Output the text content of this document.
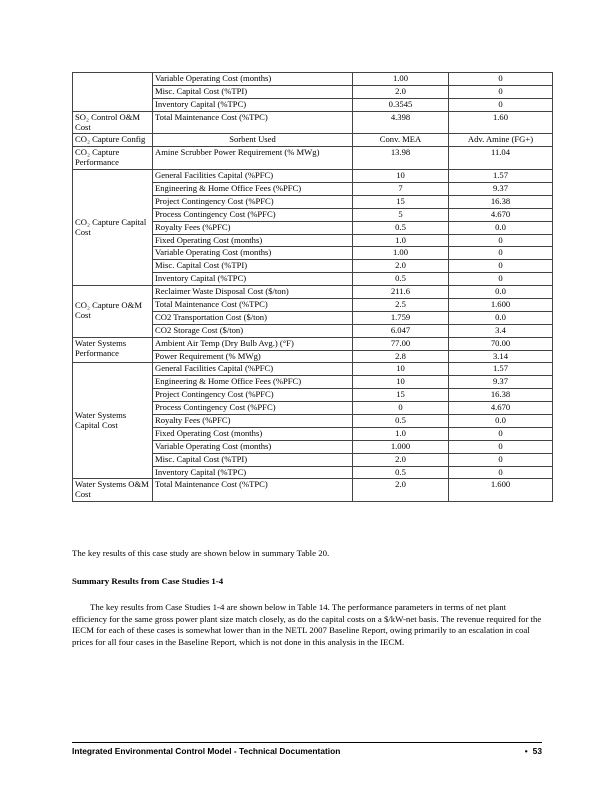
	Variable Operating Cost (months)	1.00	0
	Misc. Capital Cost (%TPI)	2.0	0
	Inventory Capital (%TPC)	0.3545	0
SO₂ Control O&M Cost	Total Maintenance Cost (%TPC)	4.398	1.60
CO₂ Capture Config	Sorbent Used	Conv. MEA	Adv. Amine (FG+)
CO₂ Capture Performance	Amine Scrubber Power Requirement (% MWg)	13.98	11.04
CO₂ Capture Capital Cost	General Facilities Capital (%PFC)	10	1.57
	Engineering & Home Office Fees (%PFC)	7	9.37
	Project Contingency Cost (%PFC)	15	16.38
	Process Contingency Cost (%PFC)	5	4.670
	Royalty Fees (%PFC)	0.5	0.0
	Fixed Operating Cost (months)	1.0	0
	Variable Operating Cost (months)	1.00	0
	Misc. Capital Cost (%TPI)	2.0	0
	Inventory Capital (%TPC)	0.5	0
CO₂ Capture O&M Cost	Reclaimer Waste Disposal Cost ($/ton)	211.6	0.0
	Total Maintenance Cost (%TPC)	2.5	1.600
	CO2 Transportation Cost ($/ton)	1.759	0.0
	CO2 Storage Cost ($/ton)	6.047	3.4
Water Systems Performance	Ambient Air Temp (Dry Bulb Avg.) (°F)	77.00	70.00
	Power Requirement (% MWg)	2.8	3.14
Water Systems Capital Cost	General Facilities Capital (%PFC)	10	1.57
	Engineering & Home Office Fees (%PFC)	10	9.37
	Project Contingency Cost (%PFC)	15	16.38
	Process Contingency Cost (%PFC)	0	4.670
	Royalty Fees (%PFC)	0.5	0.0
	Fixed Operating Cost (months)	1.0	0
	Variable Operating Cost (months)	1.000	0
	Misc. Capital Cost (%TPI)	2.0	0
	Inventory Capital (%TPC)	0.5	0
Water Systems O&M Cost	Total Maintenance Cost (%TPC)	2.0	1.600
The key results of this case study are shown below in summary Table 20.
Summary Results from Case Studies 1-4

The key results from Case Studies 1-4 are shown below in Table 14. The performance parameters in terms of net plant efficiency for the same gross power plant size match closely, as do the capital costs on a $/kW-net basis. The revenue required for the IECM for each of these cases is somewhat lower than in the NETL 2007 Baseline Report, owing primarily to an escalation in coal prices for all four cases in the Baseline Report, which is not done in this analysis in the IECM.

Integrated Environmental Control Model - Technical Documentation	• 53
